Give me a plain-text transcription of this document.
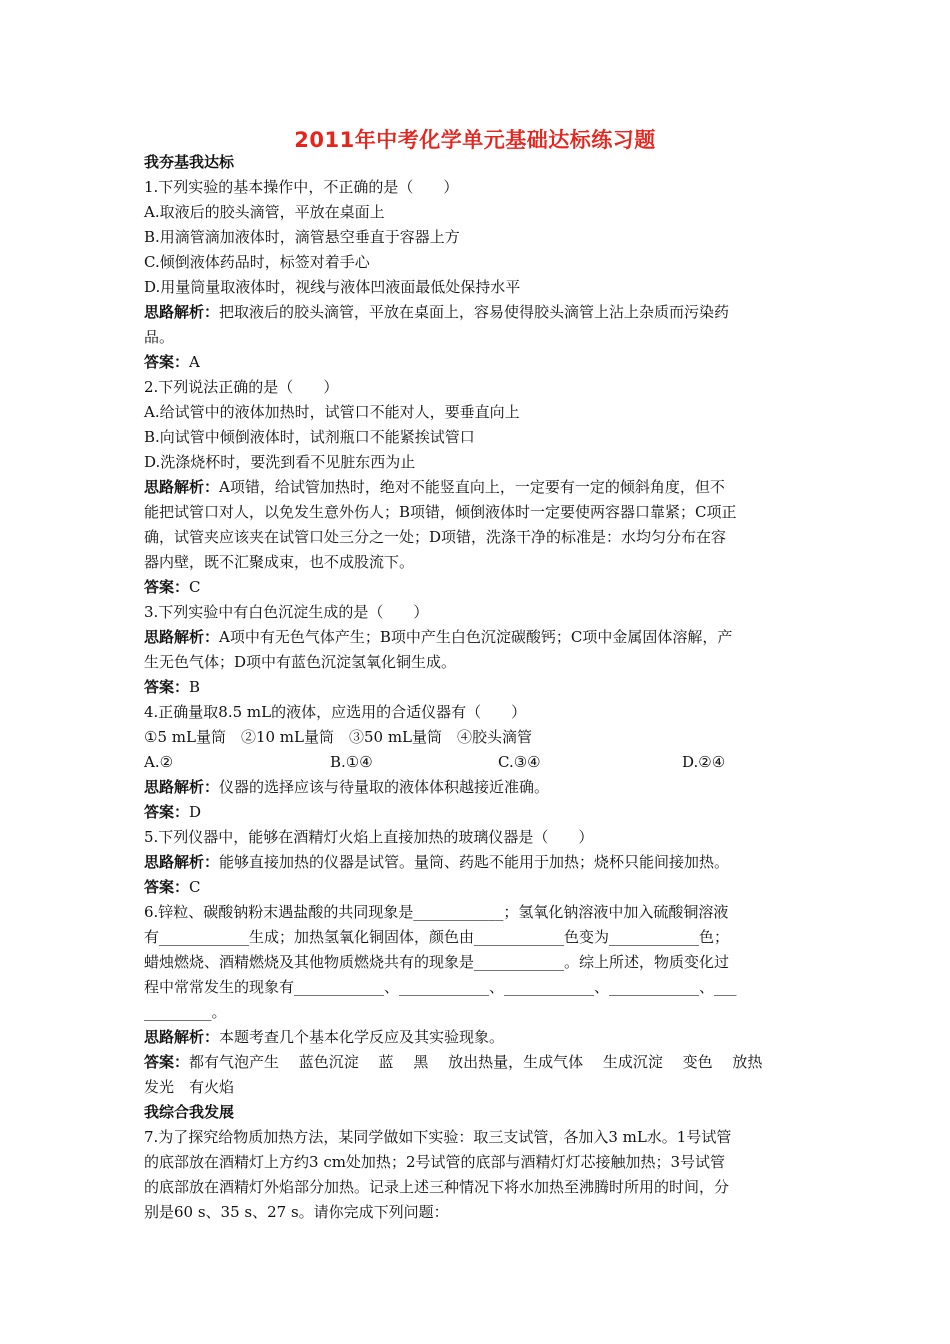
2011年中考化学单元基础达标练习题

我夯基我达标

1.下列实验的基本操作中，不正确的是（　　）

A.取液后的胶头滴管，平放在桌面上

B.用滴管滴加液体时，滴管悬空垂直于容器上方

C.倾倒液体药品时，标签对着手心

D.用量筒量取液体时，视线与液体凹液面最低处保持水平

思路解析：把取液后的胶头滴管，平放在桌面上，容易使得胶头滴管上沾上杂质而污染药

品。

答案：A

2.下列说法正确的是（　　）

A.给试管中的液体加热时，试管口不能对人，要垂直向上

B.向试管中倾倒液体时，试剂瓶口不能紧挨试管口

D.洗涤烧杯时，要洗到看不见脏东西为止

思路解析：A项错，给试管加热时，绝对不能竖直向上，一定要有一定的倾斜角度，但不

能把试管口对人，以免发生意外伤人；B项错，倾倒液体时一定要使两容器口靠紧；C项正

确，试管夹应该夹在试管口处三分之一处；D项错，洗涤干净的标准是：水均匀分布在容

器内壁，既不汇聚成束，也不成股流下。

答案：C

3.下列实验中有白色沉淀生成的是（　　）

思路解析：A项中有无色气体产生；B项中产生白色沉淀碳酸钙；C项中金属固体溶解，产

生无色气体；D项中有蓝色沉淀氢氧化铜生成。

答案：B

4.正确量取8.5 mL的液体，应选用的合适仪器有（　　）

①5 mL量筒　②10 mL量筒　③50 mL量筒　④胶头滴管

A.②	B.①④	C.③④	D.②④

思路解析：仪器的选择应该与待量取的液体体积越接近准确。

答案：D

5.下列仪器中，能够在酒精灯火焰上直接加热的玻璃仪器是（　　）

思路解析：能够直接加热的仪器是试管。量筒、药匙不能用于加热；烧杯只能间接加热。

答案：C

6.锌粒、碳酸钠粉末遇盐酸的共同现象是____________；氢氧化钠溶液中加入硫酸铜溶液

有____________生成；加热氢氧化铜固体，颜色由____________色变为____________色；

蜡烛燃烧、酒精燃烧及其他物质燃烧共有的现象是____________。综上所述，物质变化过

程中常常发生的现象有____________、____________、____________、____________、___

_________。

思路解析：本题考查几个基本化学反应及其实验现象。

答案：都有气泡产生　 蓝色沉淀　 蓝　 黑　 放出热量，生成气体　 生成沉淀　 变色　 放热

发光　有火焰

我综合我发展

7.为了探究给物质加热方法，某同学做如下实验：取三支试管，各加入3 mL水。1号试管

的底部放在酒精灯上方约3 cm处加热；2号试管的底部与酒精灯灯芯接触加热；3号试管

的底部放在酒精灯外焰部分加热。记录上述三种情况下将水加热至沸腾时所用的时间，分

别是60 s、35 s、27 s。请你完成下列问题：
